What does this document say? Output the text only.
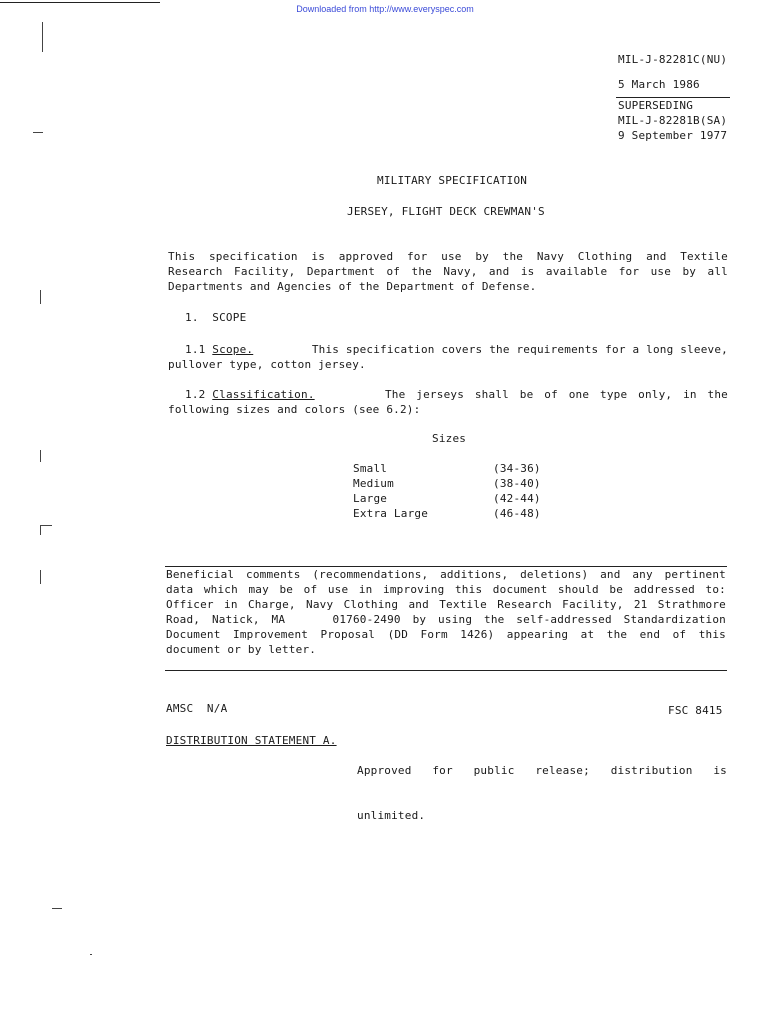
Downloaded from http://www.everyspec.com
MIL-J-82281C(NU)
5 March 1986
SUPERSEDING
MIL-J-82281B(SA)
9 September 1977
MILITARY SPECIFICATION
JERSEY, FLIGHT DECK CREWMAN'S
This specification is approved for use by the Navy Clothing and Textile
Research Facility, Department of the Navy, and is available for use by all
Departments and Agencies of the Department of Defense.
1.  SCOPE
1.1 Scope.	This specification covers the requirements for a long sleeve,
pullover type, cotton jersey.
1.2 Classification.	The jerseys shall be of one type only, in the
following sizes and colors (see 6.2):
Sizes
Small	(34-36)
Medium	(38-40)
Large	(42-44)
Extra Large	(46-48)
Beneficial comments (recommendations, additions, deletions) and any pertinent
data which may be of use in improving this document should be addressed to:
Officer in Charge, Navy Clothing and Textile Research Facility, 21 Strathmore
Road, Natick, MA    01760-2490 by using the self-addressed Standardization
Document Improvement Proposal (DD Form 1426) appearing at the end of this
document or by letter.
AMSC  N/A	FSC 8415
DISTRIBUTION STATEMENT A.

Approved   for   public   release;   distribution   is

unlimited.
